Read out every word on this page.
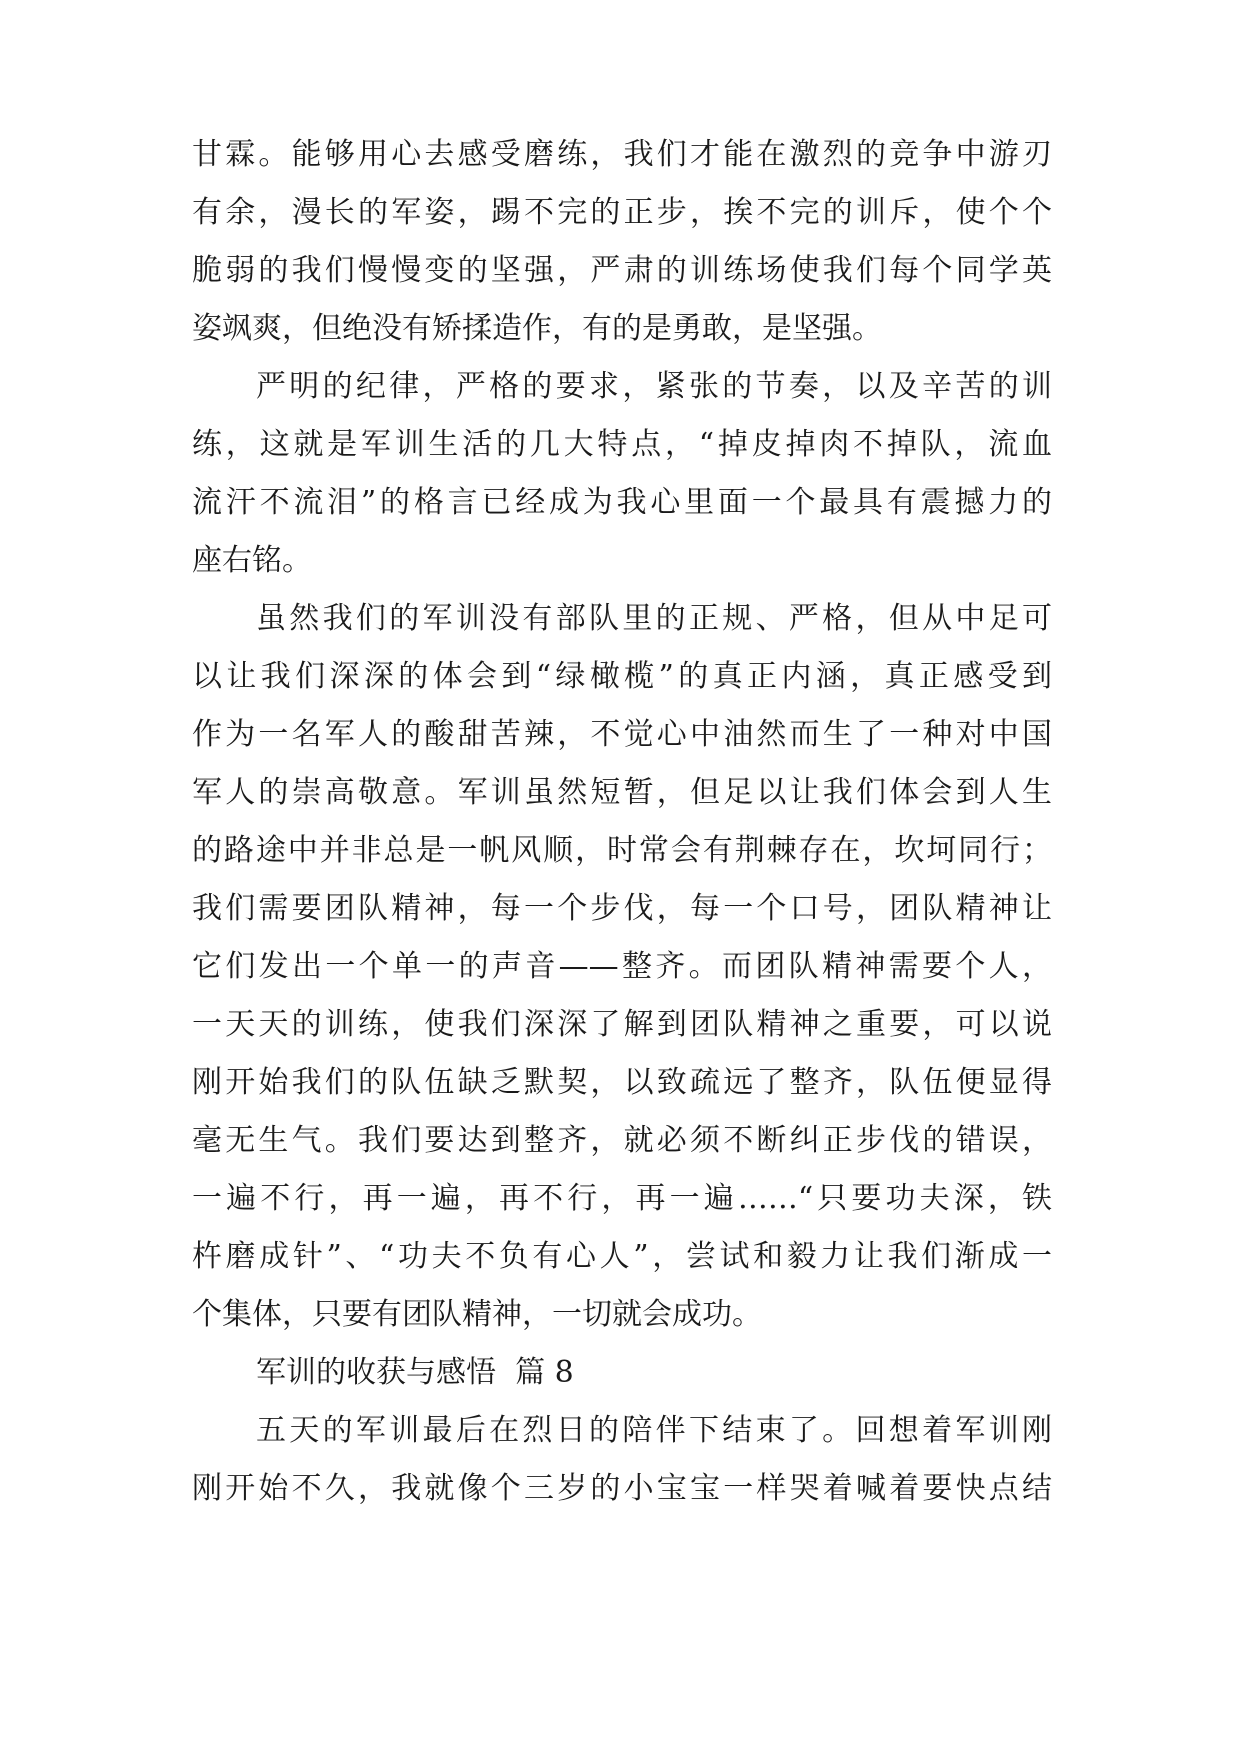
甘霖。能够用心去感受磨练，我们才能在激烈的竞争中游刃
有余，漫长的军姿，踢不完的正步，挨不完的训斥，使个个
脆弱的我们慢慢变的坚强，严肃的训练场使我们每个同学英
姿飒爽，但绝没有矫揉造作，有的是勇敢，是坚强。
严明的纪律，严格的要求，紧张的节奏，以及辛苦的训
练，这就是军训生活的几大特点，“掉皮掉肉不掉队，流血
流汗不流泪”的格言已经成为我心里面一个最具有震撼力的
座右铭。
虽然我们的军训没有部队里的正规、严格，但从中足可
以让我们深深的体会到“绿橄榄”的真正内涵，真正感受到
作为一名军人的酸甜苦辣，不觉心中油然而生了一种对中国
军人的崇高敬意。军训虽然短暂，但足以让我们体会到人生
的路途中并非总是一帆风顺，时常会有荆棘存在，坎坷同行；
我们需要团队精神，每一个步伐，每一个口号，团队精神让
它们发出一个单一的声音——整齐。而团队精神需要个人，
一天天的训练，使我们深深了解到团队精神之重要，可以说
刚开始我们的队伍缺乏默契，以致疏远了整齐，队伍便显得
毫无生气。我们要达到整齐，就必须不断纠正步伐的错误，
一遍不行，再一遍，再不行，再一遍……“只要功夫深，铁
杵磨成针”、“功夫不负有心人”，尝试和毅力让我们渐成一
个集体，只要有团队精神，一切就会成功。
军训的收获与感悟  篇 8
五天的军训最后在烈日的陪伴下结束了。回想着军训刚
刚开始不久，我就像个三岁的小宝宝一样哭着喊着要快点结
